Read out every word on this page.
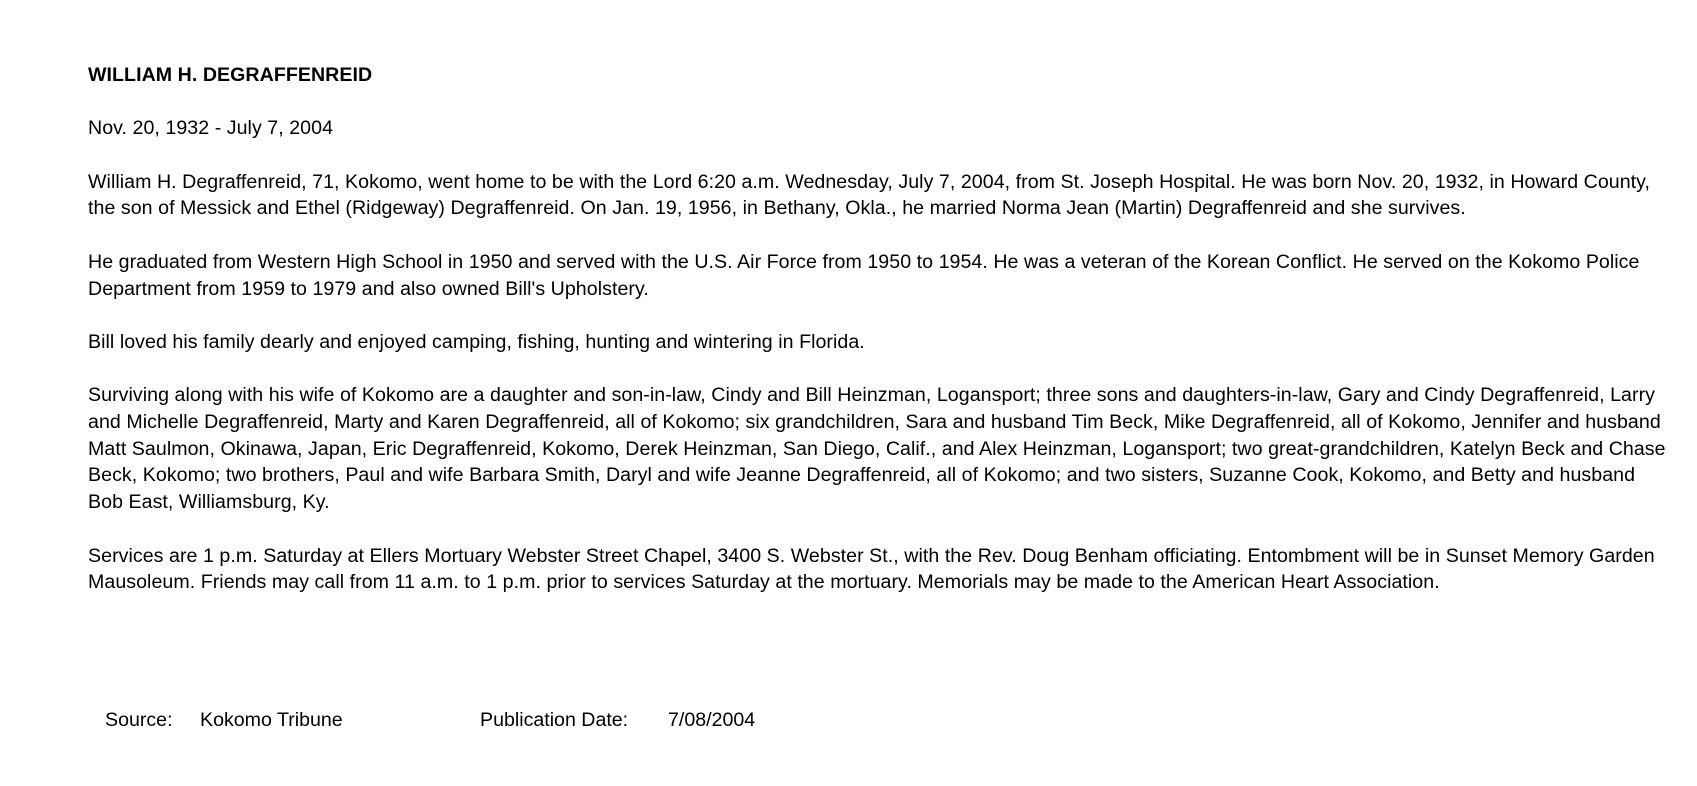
WILLIAM H. DEGRAFFENREID
Nov. 20, 1932 - July 7, 2004

William H. Degraffenreid, 71, Kokomo, went home to be with the Lord 6:20 a.m. Wednesday, July 7, 2004, from St. Joseph Hospital. He was born Nov. 20, 1932, in Howard County, the son of Messick and Ethel (Ridgeway) Degraffenreid. On Jan. 19, 1956, in Bethany, Okla., he married Norma Jean (Martin) Degraffenreid and she survives.

He graduated from Western High School in 1950 and served with the U.S. Air Force from 1950 to 1954. He was a veteran of the Korean Conflict. He served on the Kokomo Police Department from 1959 to 1979 and also owned Bill's Upholstery.

Bill loved his family dearly and enjoyed camping, fishing, hunting and wintering in Florida.

Surviving along with his wife of Kokomo are a daughter and son-in-law, Cindy and Bill Heinzman, Logansport; three sons and daughters-in-law, Gary and Cindy Degraffenreid, Larry and Michelle Degraffenreid, Marty and Karen Degraffenreid, all of Kokomo; six grandchildren, Sara and husband Tim Beck, Mike Degraffenreid, all of Kokomo, Jennifer and husband Matt Saulmon, Okinawa, Japan, Eric Degraffenreid, Kokomo, Derek Heinzman, San Diego, Calif., and Alex Heinzman, Logansport; two great-grandchildren, Katelyn Beck and Chase Beck, Kokomo; two brothers, Paul and wife Barbara Smith, Daryl and wife Jeanne Degraffenreid, all of Kokomo; and two sisters, Suzanne Cook, Kokomo, and Betty and husband Bob East, Williamsburg, Ky.

Services are 1 p.m. Saturday at Ellers Mortuary Webster Street Chapel, 3400 S. Webster St., with the Rev. Doug Benham officiating. Entombment will be in Sunset Memory Garden Mausoleum. Friends may call from 11 a.m. to 1 p.m. prior to services Saturday at the mortuary. Memorials may be made to the American Heart Association.

Source: Kokomo Tribune	Publication Date: 7/08/2004
